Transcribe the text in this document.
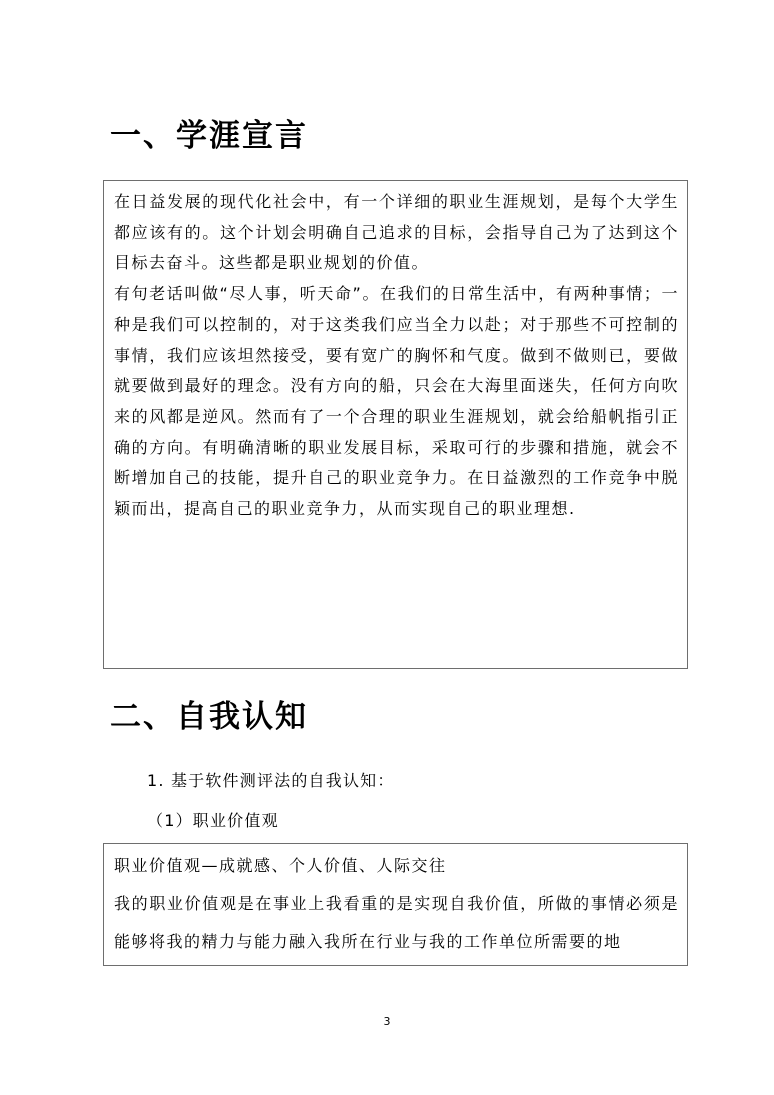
一、学涯宣言

在日益发展的现代化社会中，有一个详细的职业生涯规划，是每个大学生都应该有的。这个计划会明确自己追求的目标，会指导自己为了达到这个目标去奋斗。这些都是职业规划的价值。

有句老话叫做“尽人事，听天命”。在我们的日常生活中，有两种事情；一种是我们可以控制的，对于这类我们应当全力以赴；对于那些不可控制的事情，我们应该坦然接受，要有宽广的胸怀和气度。做到不做则已，要做就要做到最好的理念。没有方向的船，只会在大海里面迷失，任何方向吹来的风都是逆风。然而有了一个合理的职业生涯规划，就会给船帆指引正确的方向。有明确清晰的职业发展目标，采取可行的步骤和措施，就会不断增加自己的技能，提升自己的职业竞争力。在日益激烈的工作竞争中脱颖而出，提高自己的职业竞争力，从而实现自己的职业理想.

二、自我认知

1. 基于软件测评法的自我认知：

（1）职业价值观

职业价值观—成就感、个人价值、人际交往

我的职业价值观是在事业上我看重的是实现自我价值，所做的事情必须是能够将我的精力与能力融入我所在行业与我的工作单位所需要的地

3
